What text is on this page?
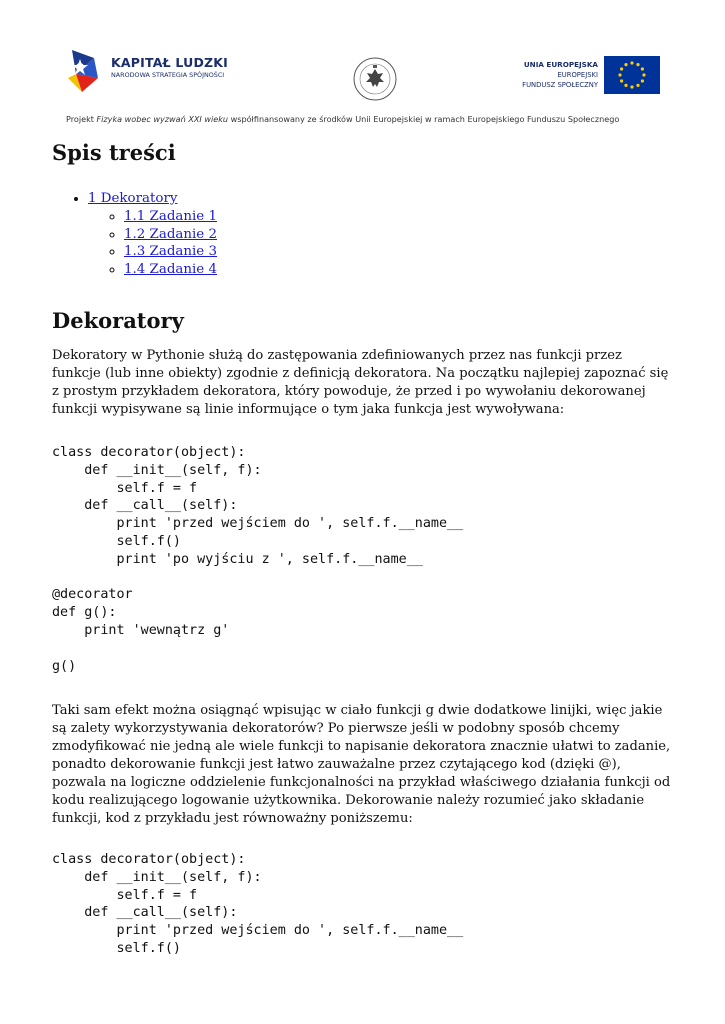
KAPITAŁ LUDZKI
NARODOWA STRATEGIA SPÓJNOŚCI
UNIA EUROPEJSKA
EUROPEJSKI
FUNDUSZ SPOŁECZNY
Projekt Fizyka wobec wyzwań XXI wieku współfinansowany ze środków Unii Europejskiej w ramach Europejskiego Funduszu Społecznego
Spis treści
• 1 Dekoratory
◦ 1.1 Zadanie 1
◦ 1.2 Zadanie 2
◦ 1.3 Zadanie 3
◦ 1.4 Zadanie 4
Dekoratory

Dekoratory w Pythonie służą do zastępowania zdefiniowanych przez nas funkcji przez funkcje (lub inne obiekty) zgodnie z definicją dekoratora. Na początku najlepiej zapoznać się z prostym przykładem dekoratora, który powoduje, że przed i po wywołaniu dekorowanej funkcji wypisywane są linie informujące o tym jaka funkcja jest wywoływana:

class decorator(object):
def __init__(self, f):
self.f = f
def __call__(self):
print 'przed wejściem do ', self.f.__name__
self.f()
print 'po wyjściu z ', self.f.__name__

@decorator
def g():
print 'wewnątrz g'

g()

Taki sam efekt można osiągnąć wpisując w ciało funkcji g dwie dodatkowe linijki, więc jakie są zalety wykorzystywania dekoratorów? Po pierwsze jeśli w podobny sposób chcemy zmodyfikować nie jedną ale wiele funkcji to napisanie dekoratora znacznie ułatwi to zadanie, ponadto dekorowanie funkcji jest łatwo zauważalne przez czytającego kod (dzięki @), pozwala na logiczne oddzielenie funkcjonalności na przykład właściwego działania funkcji od kodu realizującego logowanie użytkownika. Dekorowanie należy rozumieć jako składanie funkcji, kod z przykładu jest równoważny poniższemu:

class decorator(object):
def __init__(self, f):
self.f = f
def __call__(self):
print 'przed wejściem do ', self.f.__name__
self.f()
